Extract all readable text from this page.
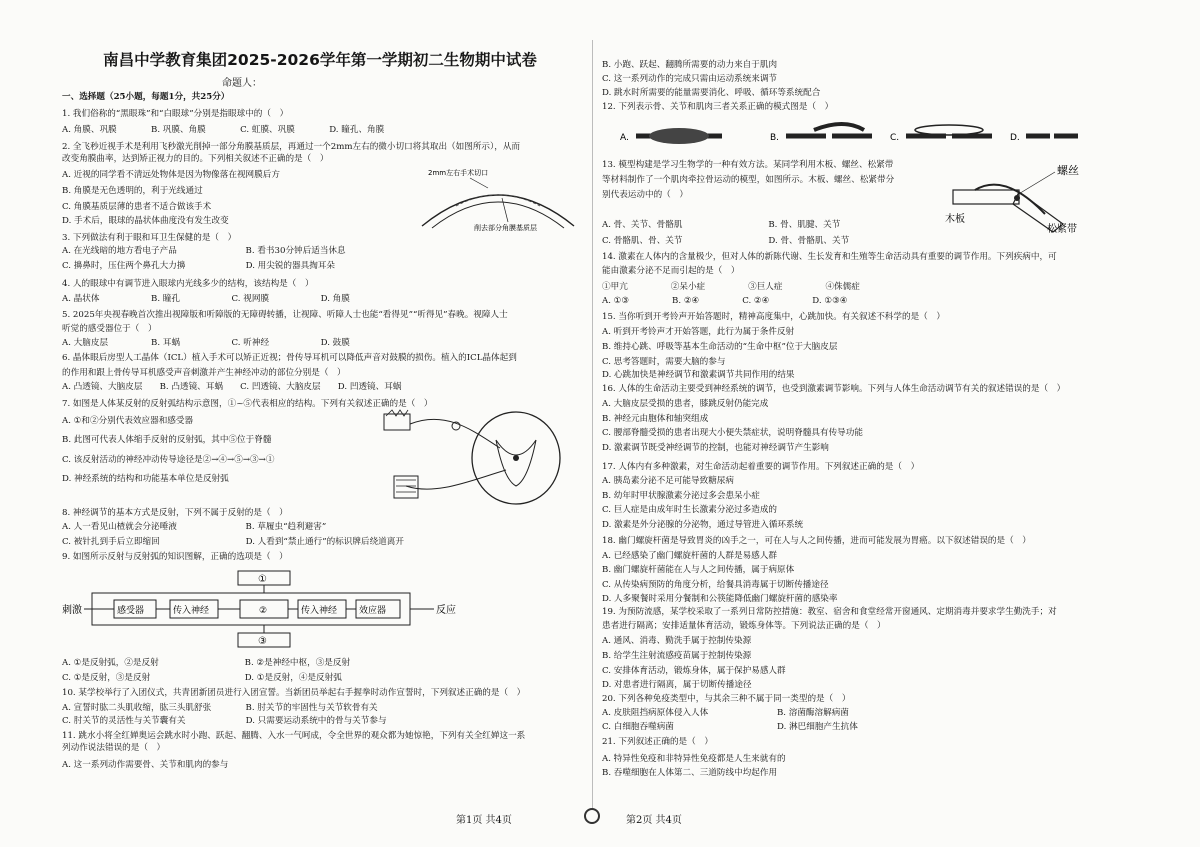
南昌中学教育集团2025-2026学年第一学期初二生物期中试卷
命题人：
一、选择题（25小题，每题1分，共25分）
1. 我们俗称的“黑眼珠”和“白眼球”分别是指眼球中的（　）
A. 角膜、巩膜　　　　B. 巩膜、角膜　　　　C. 虹膜、巩膜　　　　D. 瞳孔、角膜
2. 全飞秒近视手术是利用飞秒激光削掉一部分角膜基质层，再通过一个2mm左右的微小切口将其取出（如图所示），从而
改变角膜曲率，达到矫正视力的目的。下列相关叙述不正确的是（　）
A. 近视的同学看不清远处物体是因为物像落在视网膜后方
B. 角膜是无色透明的，利于光线通过
C. 角膜基质层薄的患者不适合做该手术
D. 手术后，眼球的晶状体曲度没有发生改变
3. 下列做法有利于眼和耳卫生保健的是（　）
A. 在光线暗的地方看电子产品　　　　　　　　B. 看书30分钟后适当休息
C. 擤鼻时，压住两个鼻孔大力擤　　　　　　　D. 用尖锐的器具掏耳朵
4. 人的眼球中有调节进入眼球内光线多少的结构，该结构是（　）
A. 晶状体　　　　　　B. 瞳孔　　　　　　C. 视网膜　　　　　　D. 角膜
5. 2025年央视春晚首次推出视障版和听障版的无障碍转播，让视障、听障人士也能“看得见”“听得见”春晚。视障人士
听觉的感受器位于（　）
A. 大脑皮层　　　　　B. 耳蜗　　　　　　C. 听神经　　　　　　D. 鼓膜
6. 晶体眼后房型人工晶体（ICL）植入手术可以矫正近视；骨传导耳机可以降低声音对鼓膜的损伤。植入的ICL晶体起到
的作用和跟上骨传导耳机感受声音刺激并产生神经冲动的部位分别是（　）
A. 凸透镜、大脑皮层　　B. 凸透镜、耳蜗　　C. 凹透镜、大脑皮层　　D. 凹透镜、耳蜗
7. 如图是人体某反射的反射弧结构示意图，①~⑤代表相应的结构。下列有关叙述正确的是（　）
A. ①和②分别代表效应器和感受器
B. 此图可代表人体缩手反射的反射弧，其中⑤位于脊髓
C. 该反射活动的神经冲动传导途径是②→④→⑤→③→①
D. 神经系统的结构和功能基本单位是反射弧
8. 神经调节的基本方式是反射，下列不属于反射的是（　）
A. 人一看见山楂就会分泌唾液　　　　　　　　B. 草履虫“趋利避害”
C. 被针扎到手后立即缩回　　　　　　　　　　D. 人看到“禁止通行”的标识牌后绕道离开
9. 如图所示反射与反射弧的知识图解，正确的选项是（　）
A. ①是反射弧，②是反射　　　　　　　　　　B. ②是神经中枢，③是反射
C. ①是反射，③是反射　　　　　　　　　　　D. ①是反射，④是反射弧
10. 某学校举行了入团仪式，共青团新团员进行入团宣誓。当新团员举起右手握拳时动作宣誓时，下列叙述正确的是（　）
A. 宣誓时肱二头肌收缩，肱三头肌舒张　　　　B. 肘关节的牢固性与关节软骨有关
C. 肘关节的灵活性与关节囊有关　　　　　　　D. 只需要运动系统中的骨与关节参与
11. 跳水小将全红婵奥运会跳水时小跑、跃起、翻腾、入水一气呵成，令全世界的观众都为她惊艳，下列有关全红婵这一系
列动作说法错误的是（　）
A. 这一系列动作需要骨、关节和肌肉的参与
B. 小跑、跃起、翻腾所需要的动力来自于肌肉
C. 这一系列动作的完成只需由运动系统来调节
D. 跳水时所需要的能量需要消化、呼吸、循环等系统配合
12. 下列表示骨、关节和肌肉三者关系正确的模式图是（　）
13. 模型构建是学习生物学的一种有效方法。某同学利用木板、螺丝、松紧带
等材料制作了一个肌肉牵拉骨运动的模型，如图所示。木板、螺丝、松紧带分
别代表运动中的（　）
A. 骨、关节、骨骼肌　　　　　　　　　　B. 骨、肌腱、关节
C. 骨骼肌、骨、关节　　　　　　　　　　D. 骨、骨骼肌、关节
14. 激素在人体内的含量极少，但对人体的新陈代谢、生长发育和生殖等生命活动具有重要的调节作用。下列疾病中，可
能由激素分泌不足而引起的是（　）
①甲亢　　　　　②呆小症　　　　　③巨人症　　　　　④侏儒症
A. ①③　　　　　B. ②④　　　　　C. ②④　　　　　D. ①③④
15. 当你听到开考铃声开始答题时，精神高度集中，心跳加快。有关叙述不科学的是（　）
A. 听到开考铃声才开始答题，此行为属于条件反射
B. 维持心跳、呼吸等基本生命活动的“生命中枢”位于大脑皮层
C. 思考答题时，需要大脑的参与
D. 心跳加快是神经调节和激素调节共同作用的结果
16. 人体的生命活动主要受到神经系统的调节，也受到激素调节影响。下列与人体生命活动调节有关的叙述错误的是（　）
A. 大脑皮层受损的患者，膝跳反射仍能完成
B. 神经元由胞体和轴突组成
C. 腰部脊髓受损的患者出现大小便失禁症状，说明脊髓具有传导功能
D. 激素调节既受神经调节的控制，也能对神经调节产生影响
17. 人体内有多种激素，对生命活动起着重要的调节作用。下列叙述正确的是（　）
A. 胰岛素分泌不足可能导致糖尿病
B. 幼年时甲状腺激素分泌过多会患呆小症
C. 巨人症是由成年时生长激素分泌过多造成的
D. 激素是外分泌腺的分泌物，通过导管进入循环系统
18. 幽门螺旋杆菌是导致胃炎的凶手之一，可在人与人之间传播，进而可能发展为胃癌。以下叙述错误的是（　）
A. 已经感染了幽门螺旋杆菌的人群是易感人群
B. 幽门螺旋杆菌能在人与人之间传播，属于病原体
C. 从传染病预防的角度分析，给餐具消毒属于切断传播途径
D. 人多聚餐时采用分餐制和公筷能降低幽门螺旋杆菌的感染率
19. 为预防流感，某学校采取了一系列日常防控措施：教室、宿舍和食堂经常开窗通风、定期消毒并要求学生勤洗手；对
患者进行隔离；安排适量体育活动，锻炼身体等。下列说法正确的是（　）
A. 通风、消毒、勤洗手属于控制传染源
B. 给学生注射流感疫苗属于控制传染源
C. 安排体育活动，锻炼身体，属于保护易感人群
D. 对患者进行隔离，属于切断传播途径
20. 下列各种免疫类型中，与其余三种不属于同一类型的是（　）
A. 皮肤阻挡病原体侵入人体　　　　　　　　B. 溶菌酶溶解病菌
C. 白细胞吞噬病菌　　　　　　　　　　　　D. 淋巴细胞产生抗体
21. 下列叙述正确的是（　）
A. 特异性免疫和非特异性免疫都是人生来就有的
B. 吞噬细胞在人体第二、三道防线中均起作用
2mm左右手术切口
削去部分角膜基质层
①
刺激	感受器	传入神经	②	传入神经 效应器	反应
③
A.	B.	C.	D.
螺丝
木板
松紧带
第1页 共4页	第2页 共4页
